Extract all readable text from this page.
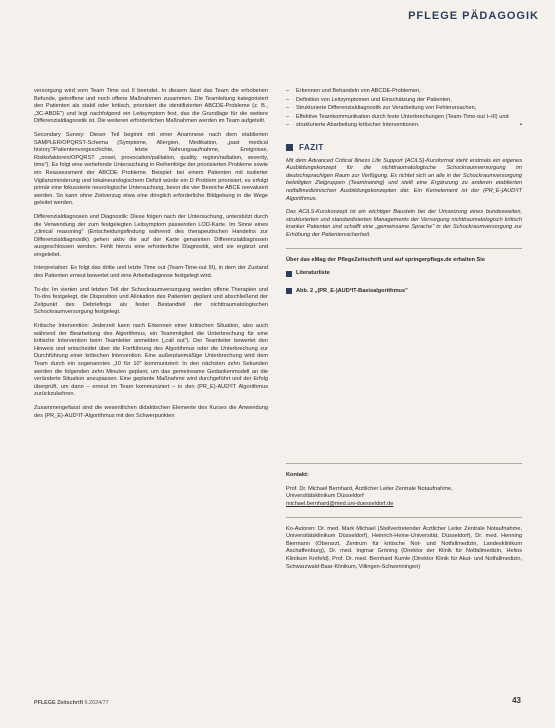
PFLEGE PÄDAGOGIK

versorgung wird vom Team Time out II beendet. In diesem lässt das Team die erhobenen Befunde, getroffene und noch offene Maßnahmen zusammen. Die Teamleitung kategorisiert den Patienten als stabil oder kritisch, priorisiert die identifizierten ABCDE-Probleme (z. B., „3C-ABDE") und legt nachfolgend ein Leitsymptom fest, das die Grundlage für die weitere Differenzialdiagnostik ist. Die weiteren erforderlichen Maßnahmen werden im Team aufgeteilt.

Secondary Survey: Dieser Teil beginnt mit einer Anamnese nach dem etablierten SAMPLER/OPQRST-Schema (Symptome, Allergien, Medikation, „past medical history"/Patientenvorgeschichte, letzte Nahrungsaufnahme, Ereignisse, Risikofaktoren/OPQRST „onset, provocation/palliation, quality, region/radiation, severity, time"). Es folgt eine vertiefende Untersuchung in Reihenfolge der priorisierten Probleme sowie ein Reassessment der ABCDE Probleme. Beispiel: bei einem Patienten mit isolierter Vigilanzminderung und lokalneurologischem Defizit würde ein D Problem priorisiert, es erfolgt primär eine fokussierte neurologische Untersuchung, bevor die vier Bereiche ABCE reevaluiert werden. So kann ohne Zeitverzug etwa eine dringlich erforderliche Bildgebung in die Wege geleitet werden.

Differenzialdiagnosen und Diagnostik: Diese folgen nach der Untersuchung, unterstützt durch die Verwendung der zum festgelegten Leitsymptom passenden LOD-Karte. Im Sinne eines „clinical reasoning" (Entscheidungsfindung während des therapeutischen Handelns zur Differenzialdiagnostik) gehen aktiv die auf der Karte genannten Differenzialdiagnosen ausgeschlossen werden. Fehlt hierzu eine erforderliche Diagnostik, wird sie ergänzt und eingeleitet.

Interpretation: Es folgt das dritte und letzte Time out (Team-Time-out III), in dem der Zustand des Patienten erneut bewertet und eine Arbeitsdiagnose festgelegt wird.

To-do: Im vierten und letzten Teil der Schockraumversorgung werden offene Therapien und To-dos festgelegt, die Disposition und Allokation des Patienten geplant und abschließend der Zeitpunkt des Debriefings als fester Bestandteil der nichttraumatologischen Schockraumversorgung festgelegt.

Kritische Intervention: Jederzeit kann nach Erkennen einer kritischen Situation, also auch während der Bearbeitung des Algorithmus, ein Teammitglied die Unterbrechung für eine kritische Intervention beim Teamleiter anmelden („call out"). Der Teamleiter bewertet den Hinweis und entscheidet über die Fortführung des Algorithmus oder die Unterbrechung zur Durchführung einer kritischen Intervention. Eine außerplanmäßige Unterbrechung wird dem Team durch ein sogenanntes „10 für 10" kommuniziert: In den nächsten zehn Sekunden werden die folgenden zehn Minuten geplant, um das gemeinsame Gedankenmodell an die veränderte Situation anzupassen. Eine geplante Maßnahme wird durchgeführt und der Erfolg überprüft, um dann – erneut im Team kommuniziert – in den (PR_E)-AUD²IT Algorithmus zurückzukehren.

Zusammengefasst sind die wesentlichen didaktischen Elemente des Kurses die Anwendung des (PR_E)-AUD²IT-Algorithmus mit den Schwerpunkten

– Erkennen und Behandeln von ABCDE-Problemen,
– Definition von Leitsymptomen und Einschätzung der Patienten,
– Strukturierte Differenzialdiagnostik zur Verarbeitung von Fehlerursachen,
– Effektive Teamkommunikation durch feste Unterbrechungen (Team-Time-out I–III) und
– strukturierte Abarbeitung kritischer Interventionen.	▪
FAZIT

Mit dem Advanced Critical Illness Life Support (ACiLS)-Kursformat steht erstmals ein eigenes Ausbildungskonzept für die nichttraumatologische Schockraumversorgung im deutschsprachigen Raum zur Verfügung. Es richtet sich an alle in der Schockraumversorgung beteiligten Zielgruppen (Teamtraining) und stellt eine Ergänzung zu anderen etablierten notfallmedizinischen Ausbildungskonzepten dar. Ein Kernelement ist der (PR_E-)AUD²IT Algorithmus.

Das ACiLS-Kurskonzept ist ein wichtiger Baustein bei der Umsetzung eines bundesweiten, strukturierten und standardisierten Managements der Versorgung nichttraumatologisch kritisch kranker Patienten und schafft eine „gemeinsame Sprache" in der Schockraumversorgung zur Erhöhung der Patientensicherheit.

Über das eMag der PflegeZeitschrift und auf springerpflege.de erhalten Sie

Literaturliste
Abb. 2 „(PR_E-)AUD²IT-Basisalgorithmus"

Kontakt:

Prof. Dr. Michael Bernhard, Ärztlicher Leiter Zentrale Notaufnahme,
Universitätsklinikum Düsseldorf
michael.bernhard@med.uni-duesseldorf.de

Ko-Autoren: Dr. med. Mark Michael (Stellvertretender Ärztlicher Leiter Zentrale Notaufnahme, Universitätsklinikum Düsseldorf), Heinrich-Heine-Universität, Düsseldorf), Dr. med. Henning Biermann (Oberarzt, Zentrum für kritische Not- und Notfallmedizin, Landesklinikum Aschaffenburg), Dr. med. Ingmar Gröning (Direktor der Klinik für Notfallmedizin, Helios Klinikum Krefeld), Prof. Dr. med. Bernhard Kumle (Direktor Klinik für Akut- und Notfallmedizin, Schwarzwald-Baar-Klinikum, Villingen-Schwenningen)

PFLEGE Zeitschrift 6.2024/77	43
